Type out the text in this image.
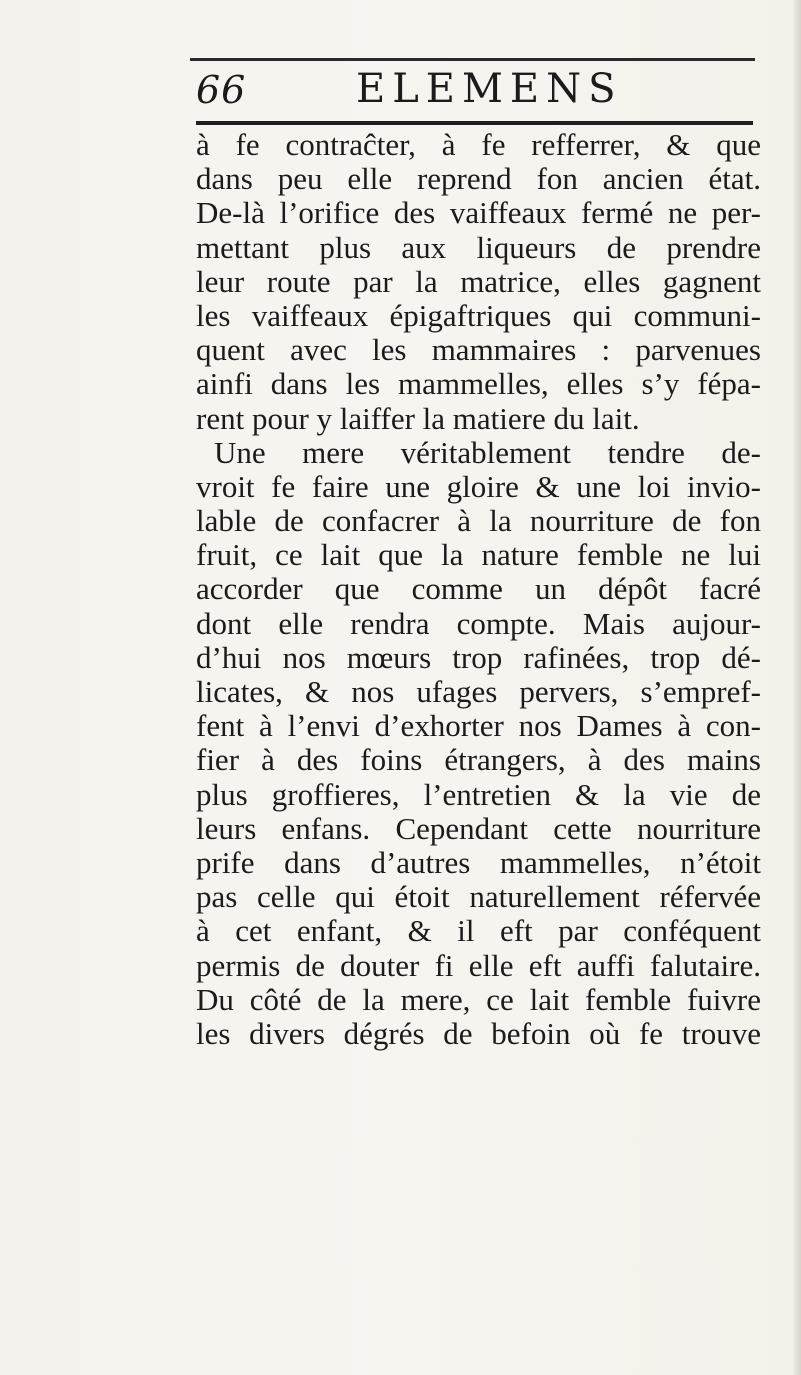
66	ELEMENS
à fe contraĉter, à fe refferrer, & que
dans peu elle reprend fon ancien état.
De-là l’orifice des vaiffeaux fermé ne per-
mettant plus aux liqueurs de prendre
leur route par la matrice, elles gagnent
les vaiffeaux épigaftriques qui communi-
quent avec les mammaires : parvenues
ainfi dans les mammelles, elles s’y fépa-
rent pour y laiffer la matiere du lait.
Une mere véritablement tendre de-
vroit fe faire une gloire & une loi invio-
lable de confacrer à la nourriture de fon
fruit, ce lait que la nature femble ne lui
accorder que comme un dépôt facré
dont elle rendra compte. Mais aujour-
d’hui nos mœurs trop rafinées, trop dé-
licates, & nos ufages pervers, s’empref-
fent à l’envi d’exhorter nos Dames à con-
fier à des foins étrangers, à des mains
plus groffieres, l’entretien & la vie de
leurs enfans. Cependant cette nourriture
prife dans d’autres mammelles, n’étoit
pas celle qui étoit naturellement réfervée
à cet enfant, & il eft par conféquent
permis de douter fi elle eft auffi falutaire.
Du côté de la mere, ce lait femble fuivre
les divers dégrés de befoin où fe trouve
